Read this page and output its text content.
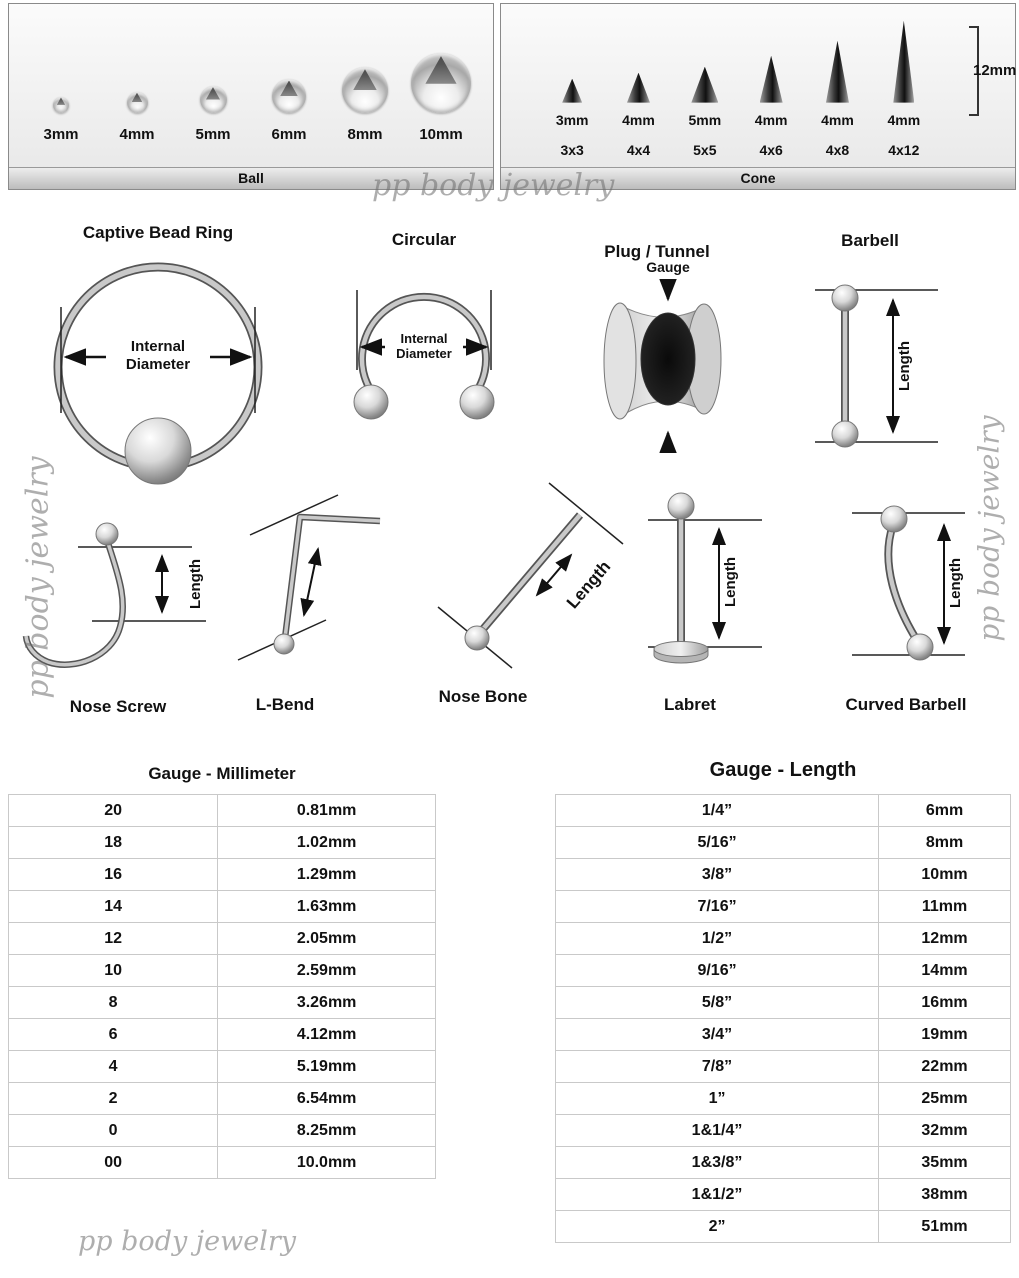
3mm	4mm	5mm	6mm	8mm 10mm
Ball
3mm
3x3
4mm
4x4
5mm
5x5
4mm
4x6
4mm
4x8
4mm
4x12
12mm
Cone
Captive Bead Ring	Circular
Plug / Tunnel
Barbell
Internal Diameter
Internal Diameter
Gauge
Length
Length	Length	Length	Length
Nose Screw	L-Bend	Nose Bone	Labret	Curved Barbell
pp body jewelry
pp body jewelry
pp body jewelry
pp body jewelry
Gauge - Millimeter
20	0.81mm
18	1.02mm
16	1.29mm
14	1.63mm
12	2.05mm
10	2.59mm
8	3.26mm
6	4.12mm
4	5.19mm
2	6.54mm
0	8.25mm
00	10.0mm
Gauge - Length
1/4”	6mm
5/16”	8mm
3/8”	10mm
7/16”	11mm
1/2”	12mm
9/16”	14mm
5/8”	16mm
3/4”	19mm
7/8”	22mm
1”	25mm
1&1/4”	32mm
1&3/8”	35mm
1&1/2”	38mm
2”	51mm
